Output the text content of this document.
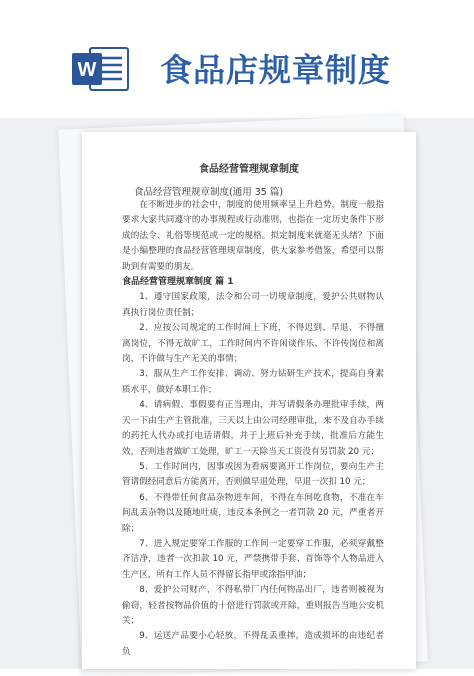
W 食品店规章制度
食品经营管理规章制度
食品经营管理规章制度(通用 35 篇)

在不断进步的社会中，制度的使用频率呈上升趋势，制度一般指要求大家共同遵守的办事规程或行动准则，也指在一定历史条件下形成的法令、礼俗等规范或一定的规格。拟定制度来就毫无头绪？下面是小编整理的食品经营管理规章制度，供大家参考借鉴，希望可以帮助到有需要的朋友。

食品经营管理规章制度 篇 1

1、遵守国家政策，法令和公司一切规章制度，爱护公共财物认真执行岗位责任制；

2、应按公司规定的工作时间上下班，不得迟到、早退、不得擅离岗位，不得无故旷工，工作时间内不许闲谈作乐、不许传岗位和离岗，不许做与生产无关的事情；

3、服从生产工作安排、调动、努力钻研生产技术，提高自身素质水平，做好本职工作；

4、请病假、事假要有正当理由，并写请假条办理批审手续，两天一下由生产主管批准，三天以上由公司经理审批，来不及自办手续的药托人代办或打电话请假，并于上班后补充手续，批准后方能生效，否则违者做旷工处理，旷工一天除当天工资没有另罚款 20 元；

5、工作时间内，因事或因为看病要离开工作岗位，要向生产主管请假经同意后方能离开，否则做早退处理，早退一次扣 10 元；

6、不得带任何食品杂物进车间，不得在车间吃食物，不准在车间乱丢杂物以及随地吐痰，违反本条例之一者罚款 20 元，严重者开除；

7、进入规定要穿工作服的工作间一定要穿工作服，必须穿戴整齐洁净，违者一次扣款 10 元，严禁携带手套、首饰等个人物品进入生产区，所有工作人员不得留长指甲或涂指甲油；

8、爱护公司财产，不得私带厂内任何物品出厂，违者则被视为偷窃，轻者按物品价值的十倍进行罚款或开除，重则报告当地公安机关；

9、运送产品要小心轻放，不得乱丢重摔，造成损坏的由违纪者负
